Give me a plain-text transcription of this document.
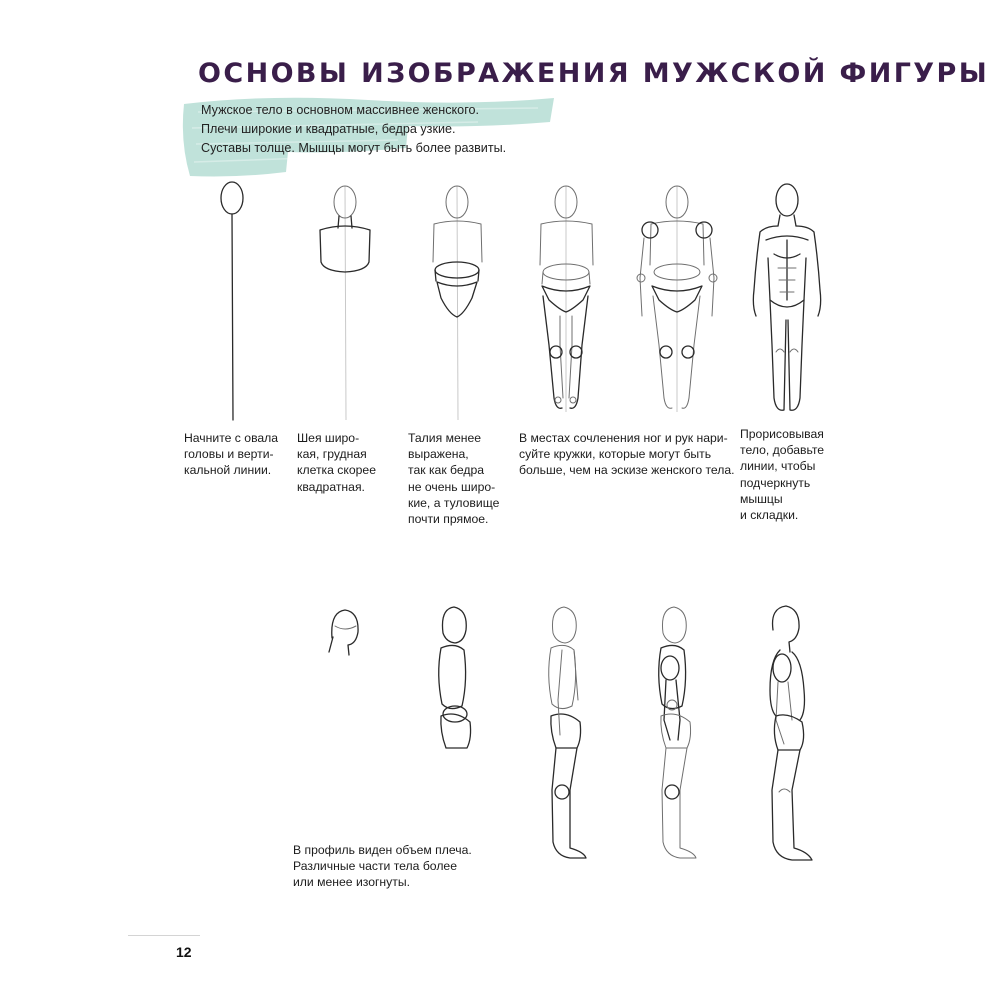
ОСНОВЫ ИЗОБРАЖЕНИЯ МУЖСКОЙ ФИГУРЫ
Мужское тело в основном массивнее женского.
Плечи широкие и квадратные, бедра узкие.
Суставы толще. Мышцы могут быть более развиты.
Начните с овала
головы и верти-
кальной линии.
Шея широ-
кая, грудная
клетка скорее
квадратная.
Талия менее
выражена,
так как бедра
не очень широ-
кие, а туловище
почти прямое.
В местах сочленения ног и рук нари-
суйте кружки, которые могут быть
больше, чем на эскизе женского тела.
Прорисовывая
тело, добавьте
линии, чтобы
подчеркнуть
мышцы
и складки.
В профиль виден объем плеча.
Различные части тела более
или менее изогнуты.
12
